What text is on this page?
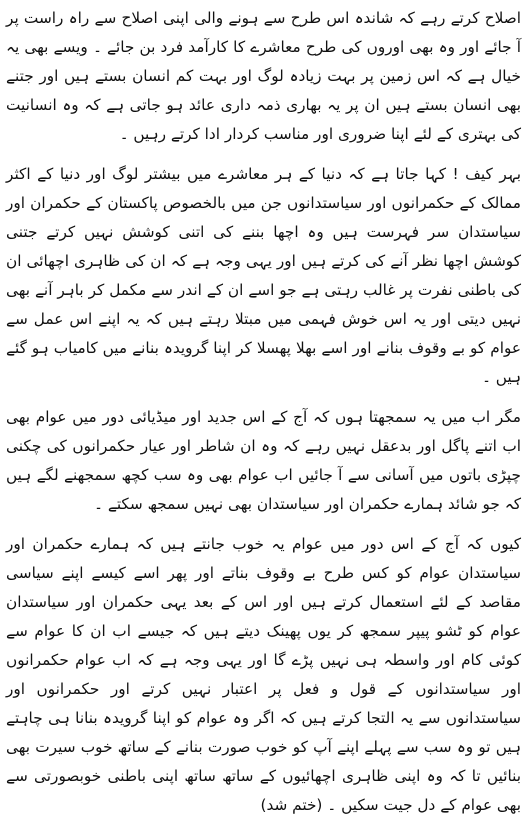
اصلاح کرتے رہے کہ شاندہ اس طرح سے ہونے والی اپنی اصلاح سے راہ راست پر آ جائے اور وہ بھی اوروں کی طرح معاشرے کا کارآمد فرد بن جائے ۔ ویسے بھی یہ خیال ہے کہ اس زمین پر بہت زیادہ لوگ اور بہت کم انسان بستے ہیں اور جتنے بھی انسان بستے ہیں ان پر یہ بھاری ذمہ داری عائد ہو جاتی ہے کہ وہ انسانیت کی بہتری کے لئے اپنا ضروری اور مناسب کردار ادا کرتے رہیں ۔

بہر کیف ! کہا جاتا ہے کہ دنیا کے ہر معاشرے میں بیشتر لوگ اور دنیا کے اکثر ممالک کے حکمرانوں اور سیاستدانوں جن میں بالخصوص پاکستان کے حکمران اور سیاستدان سر فہرست ہیں وہ اچھا بننے کی اتنی کوشش نہیں کرتے جتنی کوشش اچھا نظر آنے کی کرتے ہیں اور یہی وجہ ہے کہ ان کی ظاہری اچھائی ان کی باطنی نفرت پر غالب رہتی ہے جو اسے ان کے اندر سے مکمل کر باہر آنے بھی نہیں دیتی اور یہ اس خوش فہمی میں مبتلا رہتے ہیں کہ یہ اپنے اس عمل سے عوام کو بے وقوف بنانے اور اسے بھلا پھسلا کر اپنا گرویدہ بنانے میں کامیاب ہو گئے ہیں ۔

مگر اب میں یہ سمجھتا ہوں کہ آج کے اس جدید اور میڈیائی دور میں عوام بھی اب اتنے پاگل اور بدعقل نہیں رہے کہ وہ ان شاطر اور عیار حکمرانوں کی چکنی چپڑی باتوں میں آسانی سے آ جائیں اب عوام بھی وہ سب کچھ سمجھنے لگے ہیں کہ جو شائد ہمارے حکمران اور سیاستدان بھی نہیں سمجھ سکتے ۔

کیوں کہ آج کے اس دور میں عوام یہ خوب جانتے ہیں کہ ہمارے حکمران اور سیاستدان عوام کو کس طرح بے وقوف بناتے اور پھر اسے کیسے اپنے سیاسی مقاصد کے لئے استعمال کرتے ہیں اور اس کے بعد یہی حکمران اور سیاستدان عوام کو ٹشو پیپر سمجھ کر یوں پھینک دیتے ہیں کہ جیسے اب ان کا عوام سے کوئی کام اور واسطہ ہی نہیں پڑے گا اور یہی وجہ ہے کہ اب عوام حکمرانوں اور سیاستدانوں کے قول و فعل پر اعتبار نہیں کرتے اور حکمرانوں اور سیاستدانوں سے یہ التجا کرتے ہیں کہ اگر وہ عوام کو اپنا گرویدہ بنانا ہی چاہتے ہیں تو وہ سب سے پہلے اپنے آپ کو خوب صورت بنانے کے ساتھ خوب سیرت بھی بنائیں تا کہ وہ اپنی ظاہری اچھائیوں کے ساتھ ساتھ اپنی باطنی خوبصورتی سے بھی عوام کے دل جیت سکیں ۔ (ختم شد)
